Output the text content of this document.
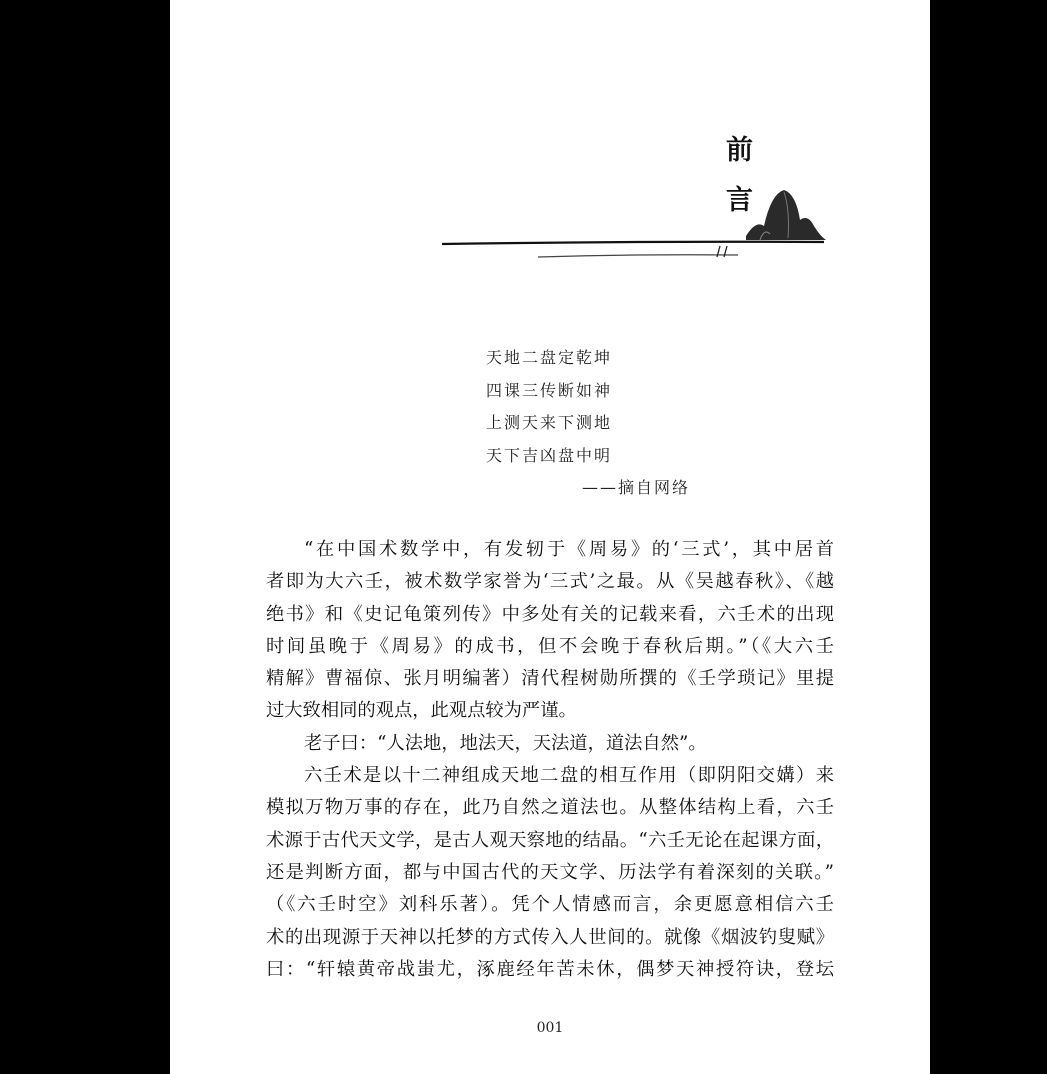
前
言
天地二盘定乾坤
四课三传断如神
上测天来下测地
天下吉凶盘中明
——摘自网络
“在中国术数学中，有发轫于《周易》的‘三式’，其中居首
者即为大六壬，被术数学家誉为‘三式’之最。从《吴越春秋》、《越
绝书》和《史记龟策列传》中多处有关的记载来看，六壬术的出现
时间虽晚于《周易》的成书，但不会晚于春秋后期。”（《大六壬
精解》曹福倞、张月明编著）清代程树勋所撰的《壬学琐记》里提
过大致相同的观点，此观点较为严谨。
老子曰：“人法地，地法天，天法道，道法自然”。
六壬术是以十二神组成天地二盘的相互作用（即阴阳交媾）来
模拟万物万事的存在，此乃自然之道法也。从整体结构上看，六壬
术源于古代天文学，是古人观天察地的结晶。“六壬无论在起课方面，
还是判断方面，都与中国古代的天文学、历法学有着深刻的关联。”
（《六壬时空》刘科乐著）。凭个人情感而言，余更愿意相信六壬
术的出现源于天神以托梦的方式传入人世间的。就像《烟波钓叟赋》
曰：“轩辕黄帝战蚩尤，涿鹿经年苦未休，偶梦天神授符诀，登坛
001
